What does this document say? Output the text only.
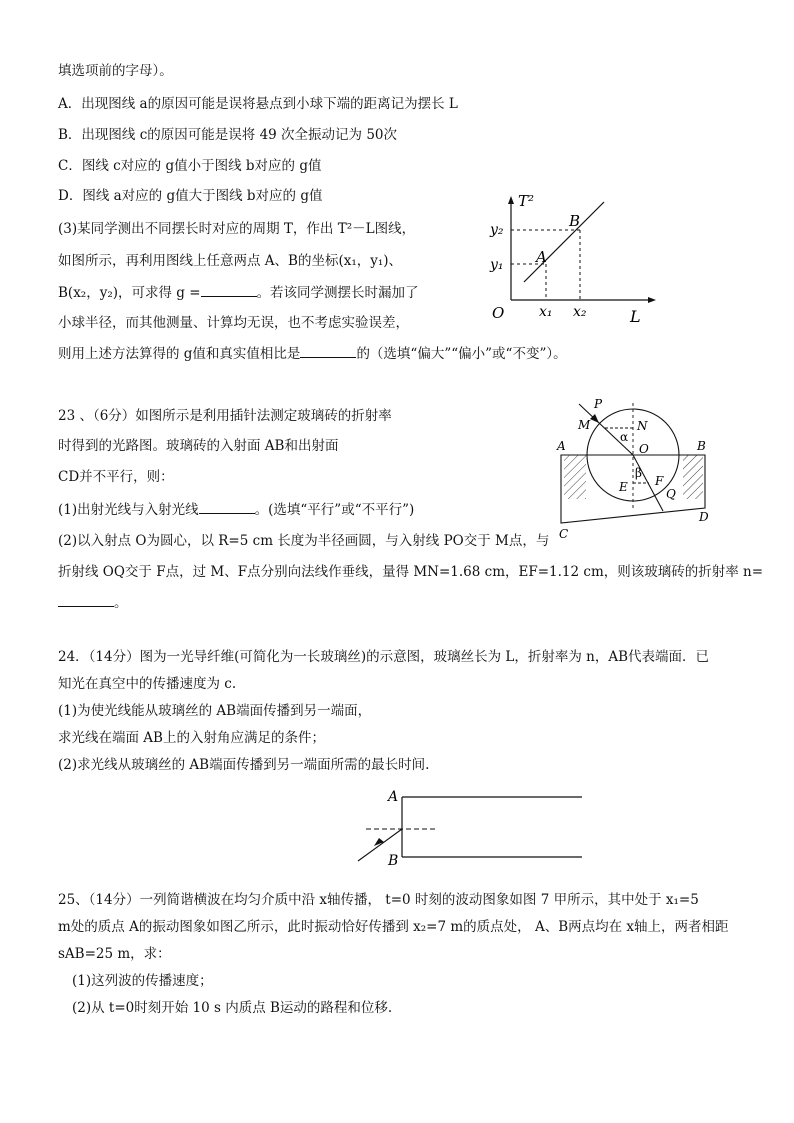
填选项前的字母）。
A．出现图线 a的原因可能是误将悬点到小球下端的距离记为摆长 L
B．出现图线 c的原因可能是误将 49 次全振动记为 50次
C．图线 c对应的 g值小于图线 b对应的 g值
D．图线 a对应的 g值大于图线 b对应的 g值
(3)某同学测出不同摆长时对应的周期 T，作出 T²－L图线，
如图所示，再利用图线上任意两点 A、B的坐标(x₁，y₁)、
B(x₂，y₂)，可求得 g =	。若该同学测摆长时漏加了
小球半径，而其他测量、计算均无误，也不考虑实验误差，
则用上述方法算得的 g值和真实值相比是	的（选填“偏大”“偏小”或“不变”）。
T²
L
O
A
B
y₂
y₁
x₁ x₂
23 、（6分）如图所示是利用插针法测定玻璃砖的折射率
时得到的光路图。玻璃砖的入射面 AB和出射面
CD并不平行，则：
(1)出射光线与入射光线	。(选填“平行”或“不平行”)
(2)以入射点 O为圆心，以 R=5 cm 长度为半径画圆，与入射线 PO交于 M点，与
折射线 OQ交于 F点，过 M、F点分别向法线作垂线，量得 MN=1.68 cm，EF=1.12 cm，则该玻璃砖的折射率 n=
。
P
M	N
A	B
α
O
β
E F
Q
C
D
24．（14分）图为一光导纤维(可简化为一长玻璃丝)的示意图，玻璃丝长为 L，折射率为 n，AB代表端面．已
知光在真空中的传播速度为 c.
(1)为使光线能从玻璃丝的 AB端面传播到另一端面，
求光线在端面 AB上的入射角应满足的条件；
(2)求光线从玻璃丝的 AB端面传播到另一端面所需的最长时间.
A
B
25、（14分）一列简谐横波在均匀介质中沿 x轴传播， t=0 时刻的波动图象如图 7 甲所示，其中处于 x₁=5
m处的质点 A的振动图象如图乙所示，此时振动恰好传播到 x₂=7 m的质点处， A、B两点均在 x轴上，两者相距
sAB=25 m，求：
(1)这列波的传播速度；
(2)从 t=0时刻开始 10 s 内质点 B运动的路程和位移.
